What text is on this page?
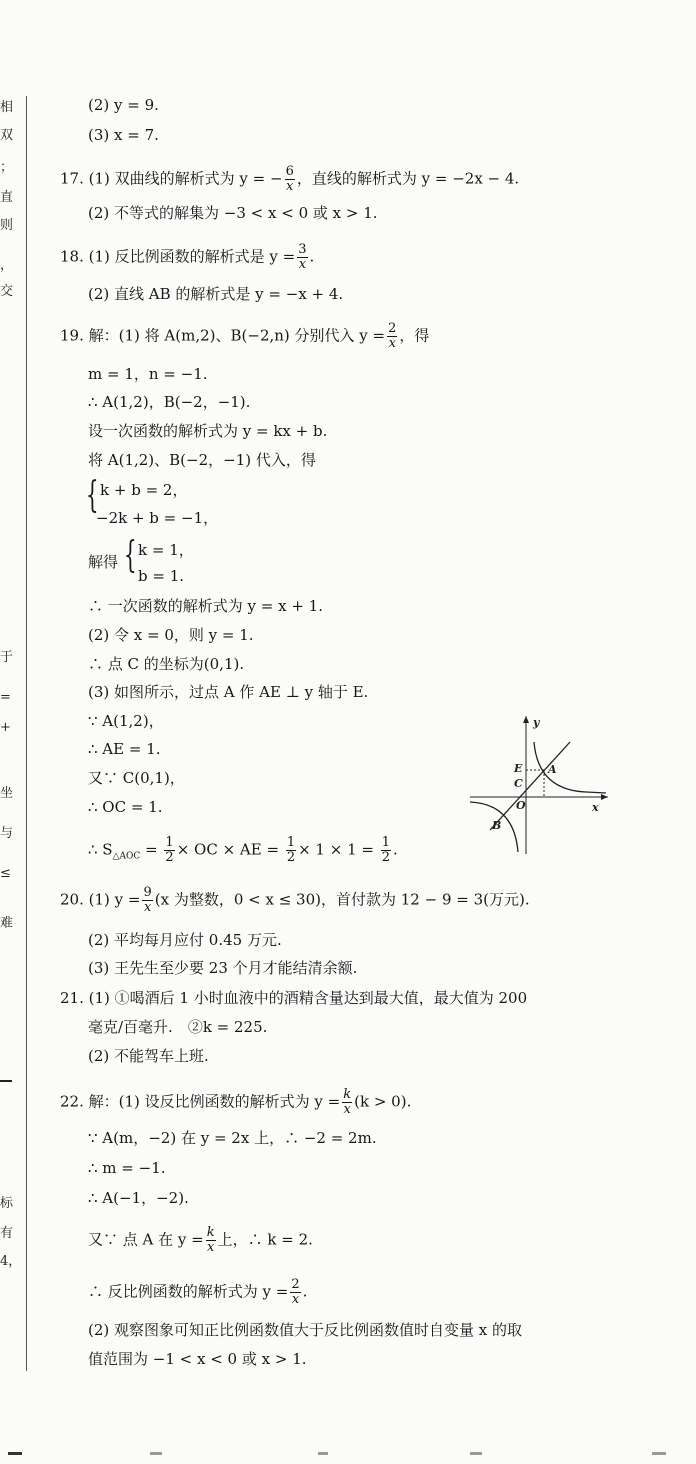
相
双
；
直
则
，
交
于
=
+
坐
与
≤
难
标
有
4，
(2) y = 9.
(3) x = 7.
17. (1) 双曲线的解析式为 y = − $\frac{6}{x}$ ，直线的解析式为 y = −2x − 4.
(2) 不等式的解集为 −3 < x < 0 或 x > 1.
18. (1) 反比例函数的解析式是 $y = \frac{3}{x}$ .
(2) 直线 AB 的解析式是 y = −x + 4.
19. 解：(1) 将 A(m,2)、B(−2,n) 分别代入 $y = \frac{2}{x}$ ，得
m = 1，n = −1.
∴ A(1,2)，B(−2，−1).
设一次函数的解析式为 y = kx + b.
将 A(1,2)、B(−2，−1) 代入，得
{ k + b = 2，
−2k + b = −1，
解得 { k = 1，
b = 1.
∴ 一次函数的解析式为 y = x + 1.
(2) 令 x = 0，则 y = 1.
∴ 点 C 的坐标为(0,1).
(3) 如图所示，过点 A 作 AE ⊥ y 轴于 E.
∵ A(1,2)，
∴ AE = 1.
又∵ C(0,1)，
∴ OC = 1.
∴ $S_{\triangle AOC} = \frac{1}{2}$ × OC × AE = $\frac{1}{2} \times 1 \times 1 = \frac{1}{2}$ .
y
x
A
E
C
O
B
20. (1) $y = \frac{9}{x} (x$ 为整数，0 < x ≤ 30)，首付款为 12 − 9 = 3(万元).
(2) 平均每月应付 0.45 万元.
(3) 王先生至少要 23 个月才能结清余额.
21. (1) ①喝酒后 1 小时血液中的酒精含量达到最大值，最大值为 200
毫克/百毫升.　②k = 225.
(2) 不能驾车上班.
22. 解：(1) 设反比例函数的解析式为 $y = \frac{k}{x} (k > 0)$.
∵ A(m，−2) 在 y = 2x 上，∴ −2 = 2m.
∴ m = −1.
∴ A(−1，−2).
又∵ 点 A 在 $y = \frac{k}{x}$ 上，∴ k = 2.
∴ 反比例函数的解析式为 $y = \frac{2}{x}$ .
(2) 观察图象可知正比例函数值大于反比例函数值时自变量 x 的取
值范围为 −1 < x < 0 或 x > 1.
